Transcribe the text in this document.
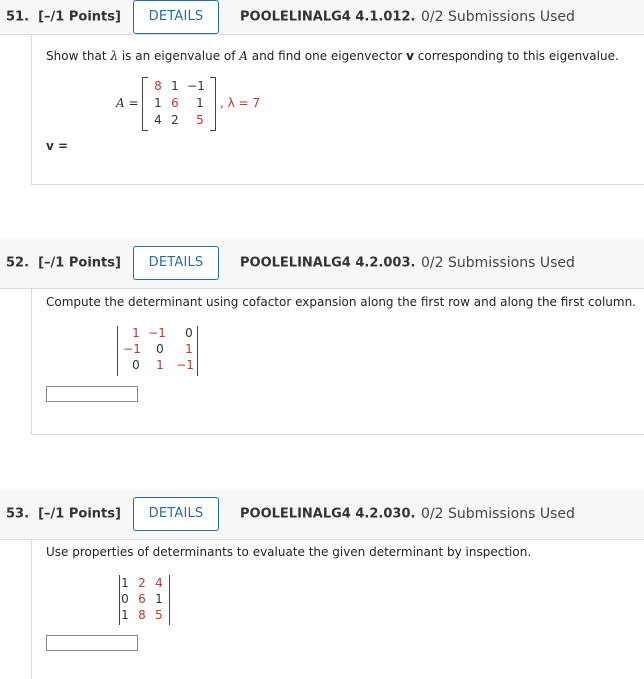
51. [–/1 Points]	DETAILS	POOLELINALG4 4.1.012. 0/2 Submissions Used
Show that λ is an eigenvalue of A and find one eigenvector v corresponding to this eigenvalue.
A =
8 1 −1
1 6	1
4 2	5
, λ = 7
v =
52. [–/1 Points]	DETAILS	POOLELINALG4 4.2.003. 0/2 Submissions Used
Compute the determinant using cofactor expansion along the first row and along the first column.
1 −1	0
−1	0	1
0	1	−1
53. [–/1 Points]	DETAILS	POOLELINALG4 4.2.030. 0/2 Submissions Used
Use properties of determinants to evaluate the given determinant by inspection.
1 2 4
0 6 1
1 8 5
